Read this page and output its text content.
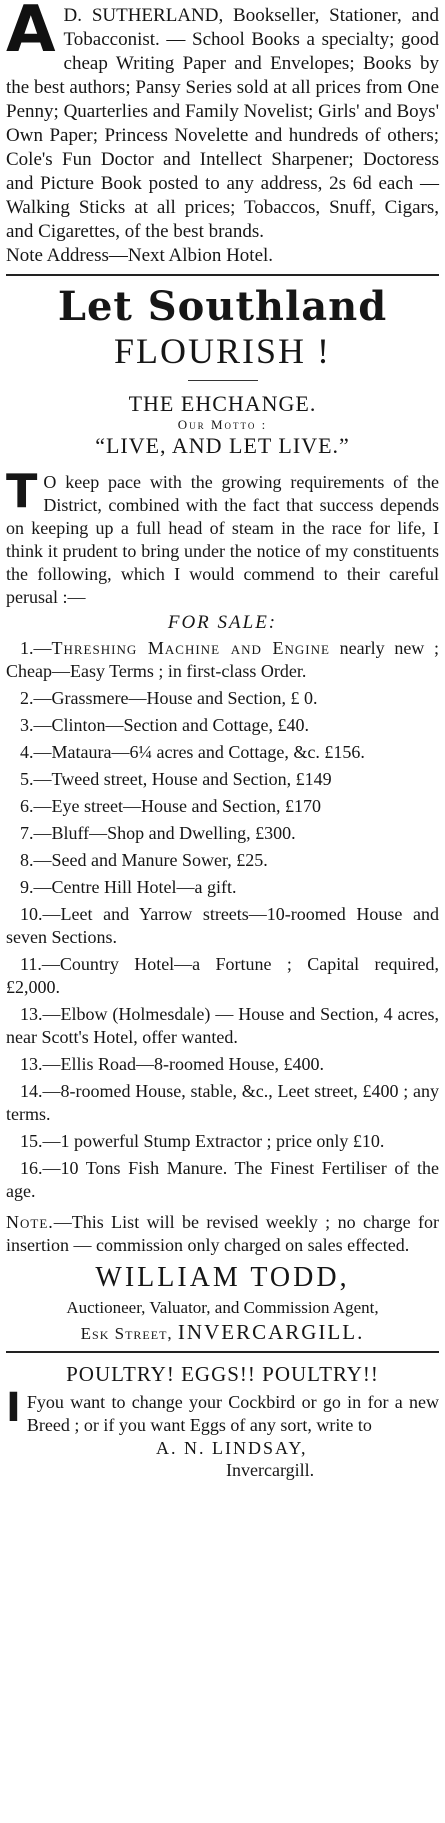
A D. SUTHERLAND, Bookseller, Stationer, and Tobacconist. — School Books a specialty; good cheap Writing Paper and Envelopes; Books by the best authors; Pansy Series sold at all prices from One Penny; Quarterlies and Family Novelist; Girls' and Boys' Own Paper; Princess Novelette and hundreds of others; Cole's Fun Doctor and Intellect Sharpener; Doctoress and Picture Book posted to any address, 2s 6d each —Walking Sticks at all prices; Tobaccos, Snuff, Cigars, and Cigarettes, of the best brands.

Note Address—Next Albion Hotel.

Let Southland
FLOURISH !
THE EHCHANGE.
Our Motto :
“LIVE, AND LET LIVE.”

T O keep pace with the growing requirements of the District, combined with the fact that success depends on keeping up a full head of steam in the race for life, I think it prudent to bring under the notice of my constituents the following, which I would commend to their careful perusal :—

FOR SALE:

1.—Threshing Machine and Engine nearly new ; Cheap—Easy Terms ; in first-class Order.

2.—Grassmere—House and Section, £ 0.

3.—Clinton—Section and Cottage, £40.

4.—Mataura—6¼ acres and Cottage, &c. £156.

5.—Tweed street, House and Section, £149

6.—Eye street—House and Section, £170

7.—Bluff—Shop and Dwelling, £300.

8.—Seed and Manure Sower, £25.

9.—Centre Hill Hotel—a gift.

10.—Leet and Yarrow streets—10-roomed House and seven Sections.

11.—Country Hotel—a Fortune ; Capital required, £2,000.

13.—Elbow (Holmesdale) — House and Section, 4 acres, near Scott's Hotel, offer wanted.

13.—Ellis Road—8-roomed House, £400.

14.—8-roomed House, stable, &c., Leet street, £400 ; any terms.

15.—1 powerful Stump Extractor ; price only £10.

16.—10 Tons Fish Manure. The Finest Fertiliser of the age.

Note.—This List will be revised weekly ; no charge for insertion — commission only charged on sales effected.

WILLIAM TODD,

Auctioneer, Valuator, and Commission Agent,

Esk Street, INVERCARGILL.

POULTRY! EGGS!! POULTRY!!

I Fyou want to change your Cockbird or go in for a new Breed ; or if you want Eggs of any sort, write to

A. N. LINDSAY,

Invercargill.
